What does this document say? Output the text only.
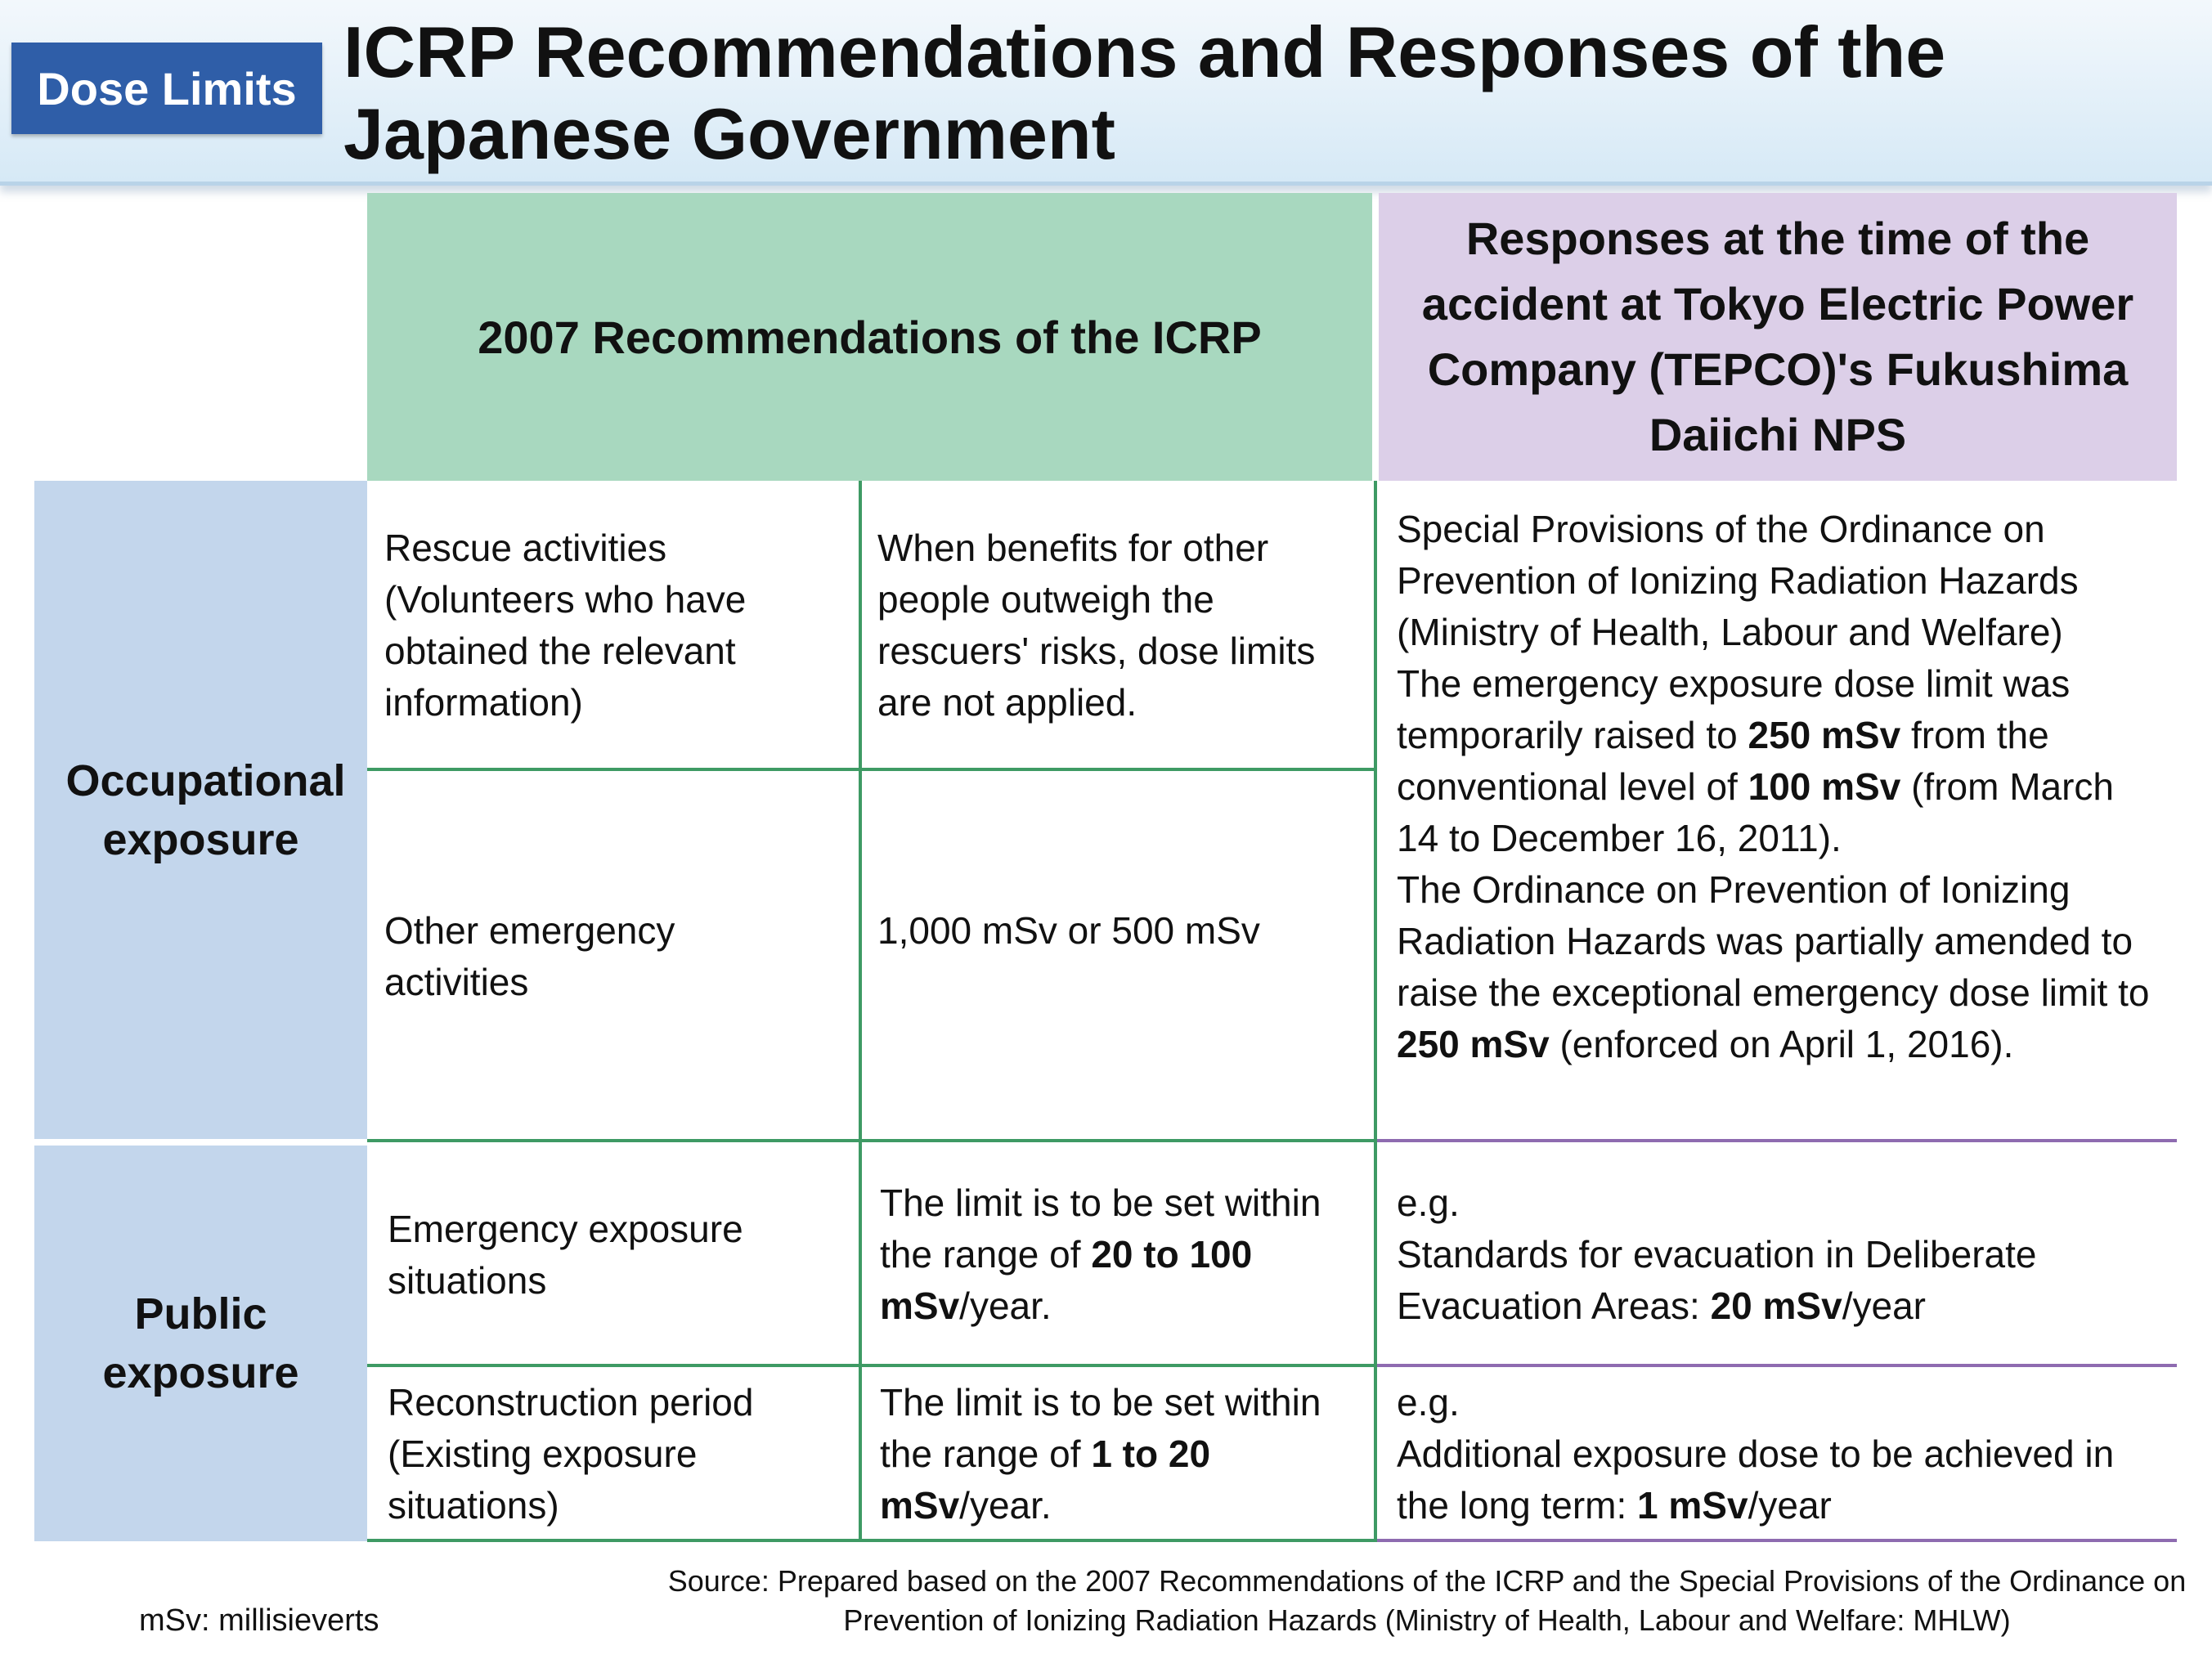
Dose Limits ICRP Recommendations and Responses of the Japanese Government
2007 Recommendations of the ICRP
Responses at the time of the accident at Tokyo Electric Power Company (TEPCO)'s Fukushima Daiichi NPS
Occupational exposure
Public exposure
Rescue activities (Volunteers who have obtained the relevant information)
When benefits for other people outweigh the rescuers' risks, dose limits are not applied.
Other emergency activities
1,000 mSv or 500 mSv
Special Provisions of the Ordinance on Prevention of Ionizing Radiation Hazards (Ministry of Health, Labour and Welfare)
The emergency exposure dose limit was temporarily raised to 250 mSv from the conventional level of 100 mSv (from March 14 to December 16, 2011).
The Ordinance on Prevention of Ionizing Radiation Hazards was partially amended to raise the exceptional emergency dose limit to 250 mSv (enforced on April 1, 2016).
Emergency exposure situations
The limit is to be set within the range of 20 to 100 mSv/year.
e.g.
Standards for evacuation in Deliberate Evacuation Areas: 20 mSv/year
Reconstruction period (Existing exposure situations)
The limit is to be set within the range of 1 to 20 mSv/year.
e.g.
Additional exposure dose to be achieved in the long term: 1 mSv/year
mSv: millisieverts
Source: Prepared based on the 2007 Recommendations of the ICRP and the Special Provisions of the Ordinance on Prevention of Ionizing Radiation Hazards (Ministry of Health, Labour and Welfare: MHLW)
